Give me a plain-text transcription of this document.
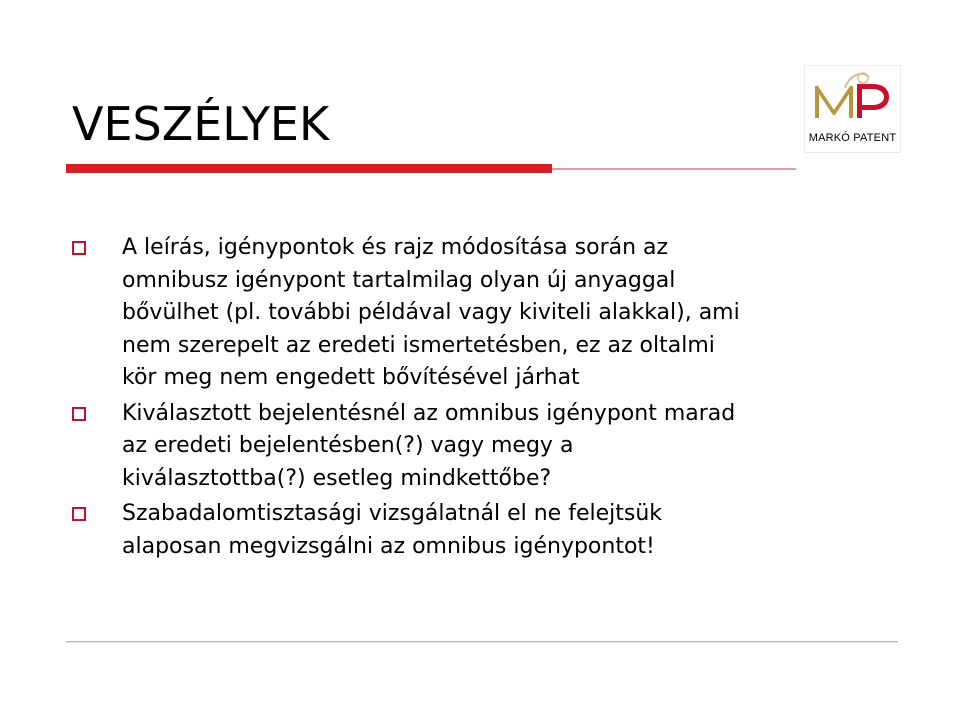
VESZÉLYEK	MARKÓ PATENT
A leírás, igénypontok és rajz módosítása során az
omnibusz igénypont tartalmilag olyan új anyaggal
bővülhet (pl. további példával vagy kiviteli alakkal), ami
nem szerepelt az eredeti ismertetésben, ez az oltalmi
kör meg nem engedett bővítésével járhat
Kiválasztott bejelentésnél az omnibus igénypont marad
az eredeti bejelentésben(?) vagy megy a
kiválasztottba(?) esetleg mindkettőbe?
Szabadalomtisztasági vizsgálatnál el ne felejtsük
alaposan megvizsgálni az omnibus igénypontot!
